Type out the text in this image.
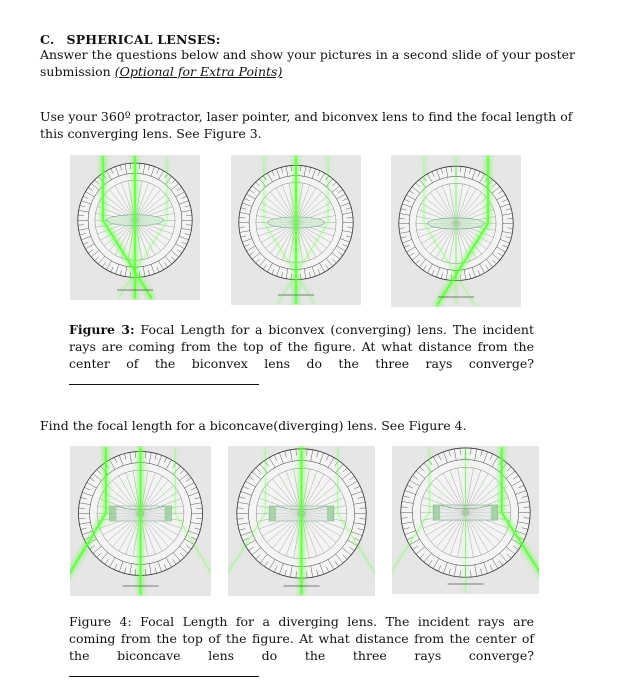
C. SPHERICAL LENSES:
Answer the questions below and show your pictures in a second slide of your poster submission (Optional for Extra Points)
Use your 360º protractor, laser pointer, and biconvex lens to find the focal length of this converging lens. See Figure 3.
Figure 3: Focal Length for a biconvex (converging) lens. The incident rays are coming from the top of the figure. At what distance from the center of the biconvex lens do the three rays converge?
Find the focal length for a biconcave(diverging) lens. See Figure 4.
Figure 4: Focal Length for a diverging lens. The incident rays are coming from the top of the figure. At what distance from the center of the biconcave lens do the three rays converge?
